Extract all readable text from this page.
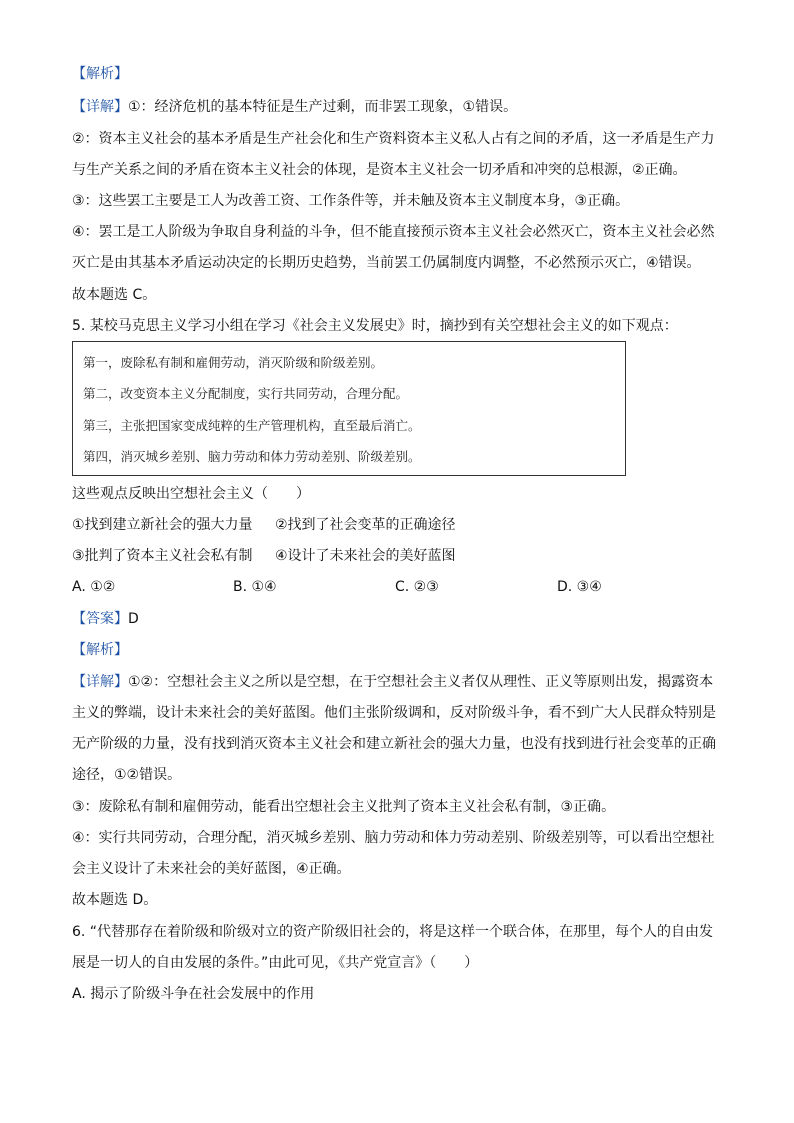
【解析】
【详解】①：经济危机的基本特征是生产过剩，而非罢工现象，①错误。
②：资本主义社会的基本矛盾是生产社会化和生产资料资本主义私人占有之间的矛盾，这一矛盾是生产力
与生产关系之间的矛盾在资本主义社会的体现，是资本主义社会一切矛盾和冲突的总根源，②正确。
③：这些罢工主要是工人为改善工资、工作条件等，并未触及资本主义制度本身，③正确。
④：罢工是工人阶级为争取自身利益的斗争，但不能直接预示资本主义社会必然灭亡，资本主义社会必然
灭亡是由其基本矛盾运动决定的长期历史趋势，当前罢工仍属制度内调整，不必然预示灭亡，④错误。
故本题选 C。
5. 某校马克思主义学习小组在学习《社会主义发展史》时，摘抄到有关空想社会主义的如下观点：
第一，废除私有制和雇佣劳动，消灭阶级和阶级差别。
第二，改变资本主义分配制度，实行共同劳动，合理分配。
第三，主张把国家变成纯粹的生产管理机构，直至最后消亡。
第四，消灭城乡差别、脑力劳动和体力劳动差别、阶级差别。
这些观点反映出空想社会主义（　　）
①找到建立新社会的强大力量 ②找到了社会变革的正确途径
③批判了资本主义社会私有制 ④设计了未来社会的美好蓝图
A. ①②	B. ①④	C. ②③	D. ③④
【答案】D
【解析】
【详解】①②：空想社会主义之所以是空想，在于空想社会主义者仅从理性、正义等原则出发，揭露资本
主义的弊端，设计未来社会的美好蓝图。他们主张阶级调和，反对阶级斗争，看不到广大人民群众特别是
无产阶级的力量，没有找到消灭资本主义社会和建立新社会的强大力量，也没有找到进行社会变革的正确
途径，①②错误。
③：废除私有制和雇佣劳动，能看出空想社会主义批判了资本主义社会私有制，③正确。
④：实行共同劳动，合理分配，消灭城乡差别、脑力劳动和体力劳动差别、阶级差别等，可以看出空想社
会主义设计了未来社会的美好蓝图，④正确。
故本题选 D。
6. “代替那存在着阶级和阶级对立的资产阶级旧社会的，将是这样一个联合体，在那里，每个人的自由发
展是一切人的自由发展的条件。”由此可见，《共产党宣言》（　　）
A. 揭示了阶级斗争在社会发展中的作用
